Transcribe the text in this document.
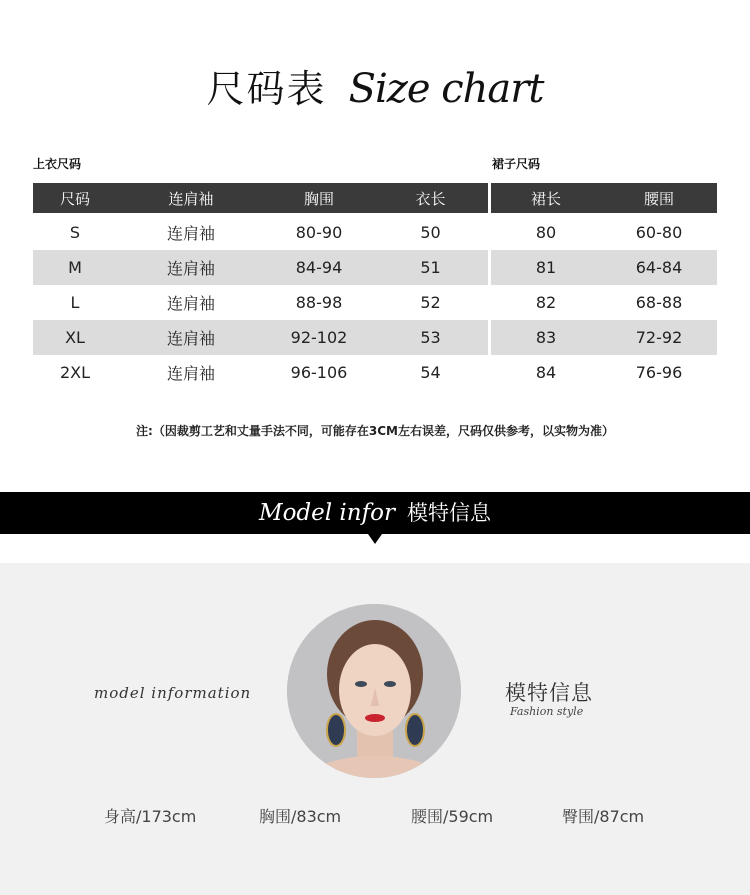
尺码表 Size chart
上衣尺码	裙子尺码
尺码	连肩袖	胸围	衣长
S	连肩袖	80-90	50
M	连肩袖	84-94	51
L	连肩袖	88-98	52
XL	连肩袖	92-102	53
2XL	连肩袖	96-106	54
裙长	腰围
80	60-80
81	64-84
82	68-88
83	72-92
84	76-96
注:（因裁剪工艺和丈量手法不同，可能存在3CM左右误差，尺码仅供参考，以实物为准）
Model infor 模特信息
model information	模特信息
Fashion style
身高/173cm	胸围/83cm	腰围/59cm	臀围/87cm
